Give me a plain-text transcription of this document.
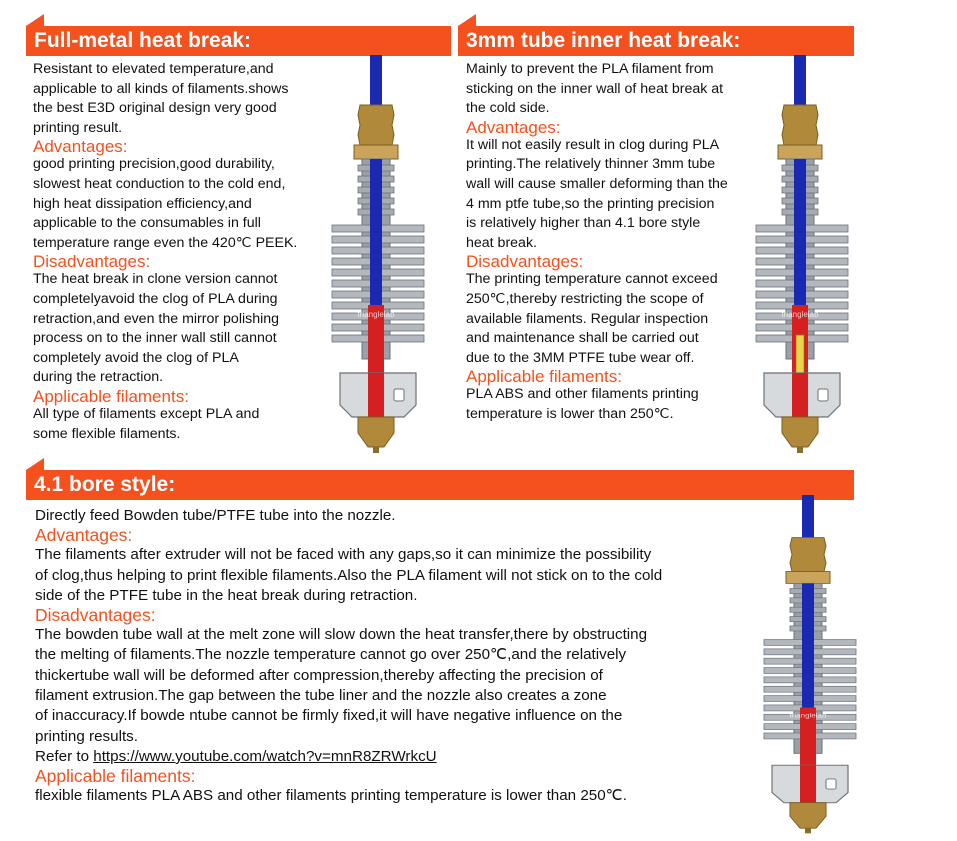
Full-metal heat break:

Resistant to elevated temperature,and

applicable to all kinds of filaments.shows

the best E3D original design very good

printing result.

Advantages:

good printing precision,good durability,

slowest heat conduction to the cold end,

high heat dissipation efficiency,and

applicable to the consumables in full

temperature range even the 420℃ PEEK.

Disadvantages:

The heat break in clone version cannot

completelyavoid the clog of PLA during

retraction,and even the mirror polishing

process on to the inner wall still cannot

completely avoid the clog of PLA

during the retraction.

Applicable filaments:

All type of filaments except PLA and

some flexible filaments.

trianglelab
3mm tube inner heat break:

Mainly to prevent the PLA filament from

sticking on the inner wall of heat break at

the cold side.

Advantages:

It will not easily result in clog during PLA

printing.The relatively thinner 3mm tube

wall will cause smaller deforming than the

4 mm ptfe tube,so the printing precision

is relatively higher than 4.1 bore style

heat break.

Disadvantages:

The printing temperature cannot exceed

250℃,thereby restricting the scope of

available filaments. Regular inspection

and maintenance shall be carried out

due to the 3MM PTFE tube wear off.

Applicable filaments:

PLA ABS and other filaments printing

temperature is lower than 250℃.

trianglelab
4.1 bore style:

Directly feed Bowden tube/PTFE tube into the nozzle.

Advantages:

The filaments after extruder will not be faced with any gaps,so it can minimize the possibility

of clog,thus helping to print flexible filaments.Also the PLA filament will not stick on to the cold

side of the PTFE tube in the heat break during retraction.

Disadvantages:

The bowden tube wall at the melt zone will slow down the heat transfer,there by obstructing

the melting of filaments.The nozzle temperature cannot go over 250℃,and the relatively

thickertube wall will be deformed after compression,thereby affecting the precision of

filament extrusion.The gap between the tube liner and the nozzle also creates a zone

of inaccuracy.If bowde ntube cannot be firmly fixed,it will have negative influence on the

printing results.

Refer to https://www.youtube.com/watch?v=mnR8ZRWrkcU

Applicable filaments:

flexible filaments PLA ABS and other filaments printing temperature is lower than 250℃.

trianglelab
